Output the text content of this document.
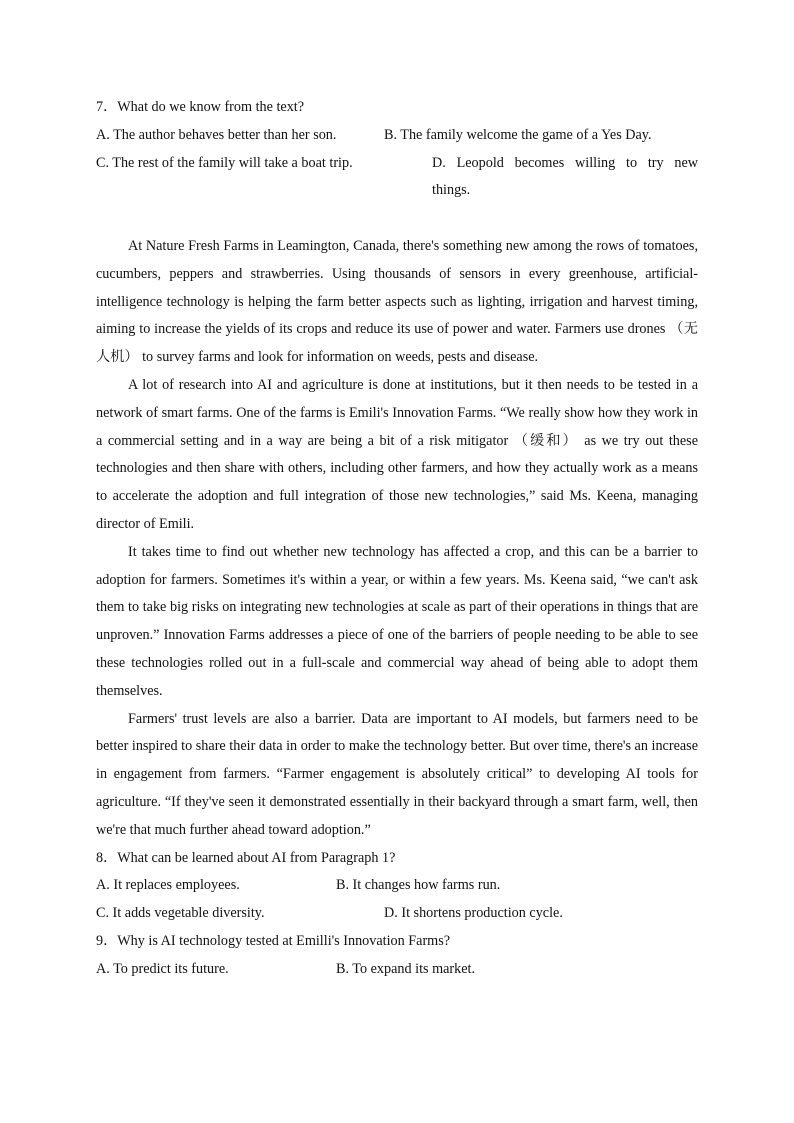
7．What do we know from the text?

A. The author behaves better than her son.	B. The family welcome the game of a Yes Day.
C. The rest of the family will take a boat trip.	D. Leopold becomes willing to try new things.

At Nature Fresh Farms in Leamington, Canada, there's something new among the rows of tomatoes, cucumbers, peppers and strawberries. Using thousands of sensors in every greenhouse, artificial-intelligence technology is helping the farm better aspects such as lighting, irrigation and harvest timing, aiming to increase the yields of its crops and reduce its use of power and water. Farmers use drones （无人机） to survey farms and look for information on weeds, pests and disease.

A lot of research into AI and agriculture is done at institutions, but it then needs to be tested in a network of smart farms. One of the farms is Emili's Innovation Farms. “We really show how they work in a commercial setting and in a way are being a bit of a risk mitigator （缓和） as we try out these technologies and then share with others, including other farmers, and how they actually work as a means to accelerate the adoption and full integration of those new technologies,” said Ms. Keena, managing director of Emili.

It takes time to find out whether new technology has affected a crop, and this can be a barrier to adoption for farmers. Sometimes it's within a year, or within a few years. Ms. Keena said, “we can't ask them to take big risks on integrating new technologies at scale as part of their operations in things that are unproven.” Innovation Farms addresses a piece of one of the barriers of people needing to be able to see these technologies rolled out in a full-scale and commercial way ahead of being able to adopt them themselves.

Farmers' trust levels are also a barrier. Data are important to AI models, but farmers need to be better inspired to share their data in order to make the technology better. But over time, there's an increase in engagement from farmers. “Farmer engagement is absolutely critical” to developing AI tools for agriculture. “If they've seen it demonstrated essentially in their backyard through a smart farm, well, then we're that much further ahead toward adoption.”

8．What can be learned about AI from Paragraph 1?

A. It replaces employees.	B. It changes how farms run.
C. It adds vegetable diversity.	D. It shortens production cycle.

9．Why is AI technology tested at Emilli's Innovation Farms?

A. To predict its future.	B. To expand its market.
